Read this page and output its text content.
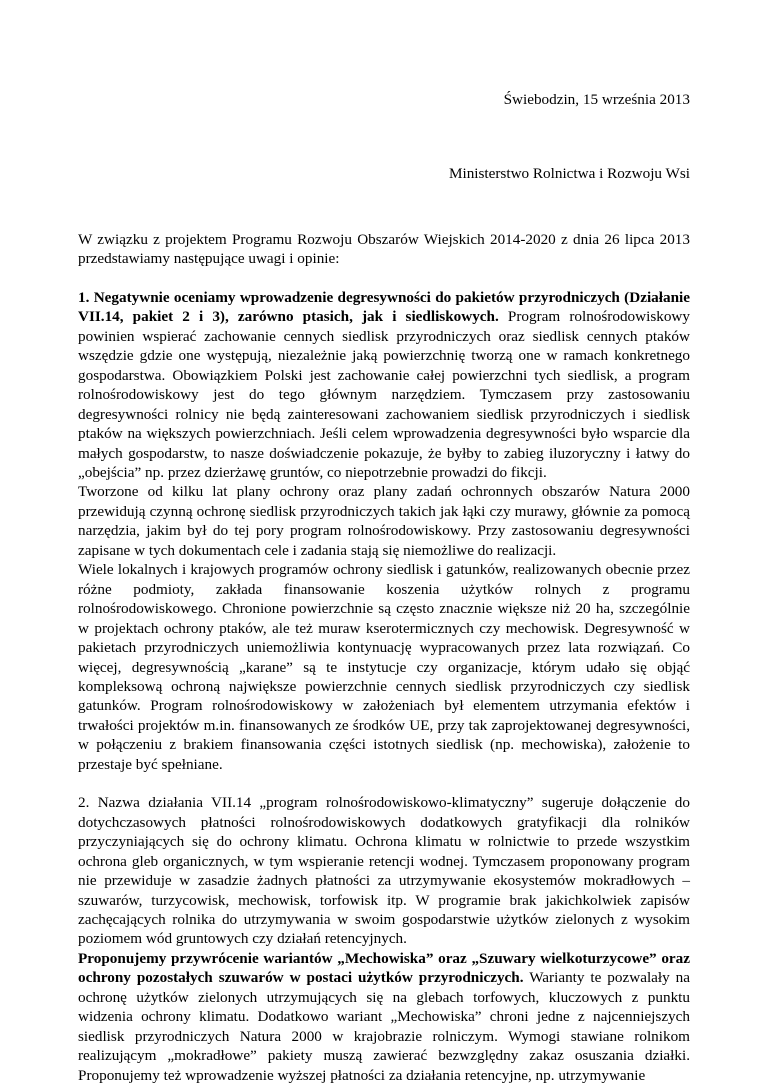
Świebodzin, 15 września 2013
Ministerstwo Rolnictwa i Rozwoju Wsi

W związku z projektem Programu Rozwoju Obszarów Wiejskich 2014-2020 z dnia 26 lipca 2013 przedstawiamy następujące uwagi i opinie:

1. Negatywnie oceniamy wprowadzenie degresywności do pakietów przyrodniczych (Działanie VII.14, pakiet 2 i 3), zarówno ptasich, jak i siedliskowych. Program rolnośrodowiskowy powinien wspierać zachowanie cennych siedlisk przyrodniczych oraz siedlisk cennych ptaków wszędzie gdzie one występują, niezależnie jaką powierzchnię tworzą one w ramach konkretnego gospodarstwa. Obowiązkiem Polski jest zachowanie całej powierzchni tych siedlisk, a program rolnośrodowiskowy jest do tego głównym narzędziem. Tymczasem przy zastosowaniu degresywności rolnicy nie będą zainteresowani zachowaniem siedlisk przyrodniczych i siedlisk ptaków na większych powierzchniach. Jeśli celem wprowadzenia degresywności było wsparcie dla małych gospodarstw, to nasze doświadczenie pokazuje, że byłby to zabieg iluzoryczny i łatwy do „obejścia” np. przez dzierżawę gruntów, co niepotrzebnie prowadzi do fikcji.

Tworzone od kilku lat plany ochrony oraz plany zadań ochronnych obszarów Natura 2000 przewidują czynną ochronę siedlisk przyrodniczych takich jak łąki czy murawy, głównie za pomocą narzędzia, jakim był do tej pory program rolnośrodowiskowy. Przy zastosowaniu degresywności zapisane w tych dokumentach cele i zadania stają się niemożliwe do realizacji.

Wiele lokalnych i krajowych programów ochrony siedlisk i gatunków, realizowanych obecnie przez różne podmioty, zakłada finansowanie koszenia użytków rolnych z programu rolnośrodowiskowego. Chronione powierzchnie są często znacznie większe niż 20 ha, szczególnie w projektach ochrony ptaków, ale też muraw kserotermicznych czy mechowisk. Degresywność w pakietach przyrodniczych uniemożliwia kontynuację wypracowanych przez lata rozwiązań. Co więcej, degresywnością „karane” są te instytucje czy organizacje, którym udało się objąć kompleksową ochroną największe powierzchnie cennych siedlisk przyrodniczych czy siedlisk gatunków. Program rolnośrodowiskowy w założeniach był elementem utrzymania efektów i trwałości projektów m.in. finansowanych ze środków UE, przy tak zaprojektowanej degresywności, w połączeniu z brakiem finansowania części istotnych siedlisk (np. mechowiska), założenie to przestaje być spełniane.

2. Nazwa działania VII.14 „program rolnośrodowiskowo-klimatyczny” sugeruje dołączenie do dotychczasowych płatności rolnośrodowiskowych dodatkowych gratyfikacji dla rolników przyczyniających się do ochrony klimatu. Ochrona klimatu w rolnictwie to przede wszystkim ochrona gleb organicznych, w tym wspieranie retencji wodnej. Tymczasem proponowany program nie przewiduje w zasadzie żadnych płatności za utrzymywanie ekosystemów mokradłowych – szuwarów, turzycowisk, mechowisk, torfowisk itp. W programie brak jakichkolwiek zapisów zachęcających rolnika do utrzymywania w swoim gospodarstwie użytków zielonych z wysokim poziomem wód gruntowych czy działań retencyjnych.

Proponujemy przywrócenie wariantów „Mechowiska” oraz „Szuwary wielkoturzycowe” oraz ochrony pozostałych szuwarów w postaci użytków przyrodniczych. Warianty te pozwalały na ochronę użytków zielonych utrzymujących się na glebach torfowych, kluczowych z punktu widzenia ochrony klimatu. Dodatkowo wariant „Mechowiska” chroni jedne z najcenniejszych siedlisk przyrodniczych Natura 2000 w krajobrazie rolniczym. Wymogi stawiane rolnikom realizującym „mokradłowe” pakiety muszą zawierać bezwzględny zakaz osuszania działki. Proponujemy też wprowadzenie wyższej płatności za działania retencyjne, np. utrzymywanie
